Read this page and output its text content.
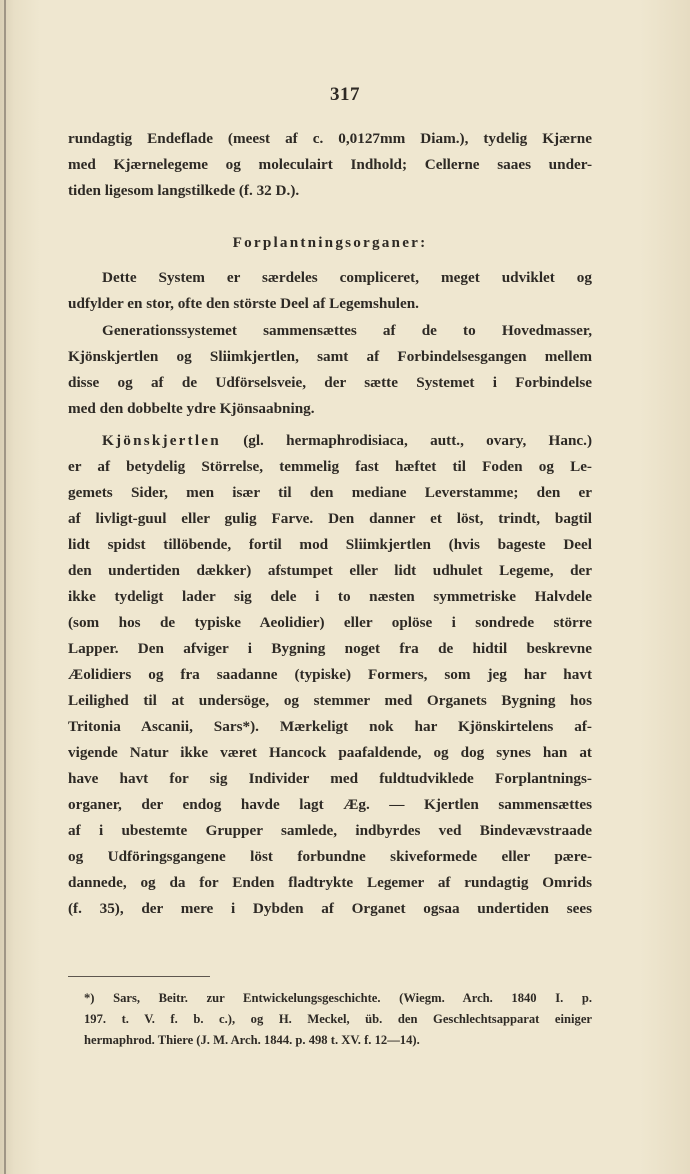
317
rundagtig Endeflade (meest af c. 0,0127mm Diam.), tydelig Kjærne
med Kjærnelegeme og moleculairt Indhold; Cellerne saaes under-
tiden ligesom langstilkede (f. 32 D.).
Forplantningsorganer:
Dette System er særdeles compliceret, meget udviklet og
udfylder en stor, ofte den störste Deel af Legemshulen.
Generationssystemet sammensættes af de to Hovedmasser,
Kjönskjertlen og Sliimkjertlen, samt af Forbindelsesgangen mellem
disse og af de Udförselsveie, der sætte Systemet i Forbindelse
med den dobbelte ydre Kjönsaabning.
Kjönskjertlen (gl. hermaphrodisiaca, autt., ovary, Hanc.)
er af betydelig Störrelse, temmelig fast hæftet til Foden og Le-
gemets Sider, men især til den mediane Leverstamme; den er
af livligt-guul eller gulig Farve. Den danner et löst, trindt, bagtil
lidt spidst tillöbende, fortil mod Sliimkjertlen (hvis bageste Deel
den undertiden dækker) afstumpet eller lidt udhulet Legeme, der
ikke tydeligt lader sig dele i to næsten symmetriske Halvdele
(som hos de typiske Aeolidier) eller oplöse i sondrede större
Lapper. Den afviger i Bygning noget fra de hidtil beskrevne
Æolidiers og fra saadanne (typiske) Formers, som jeg har havt
Leilighed til at undersöge, og stemmer med Organets Bygning hos
Tritonia Ascanii, Sars*). Mærkeligt nok har Kjönskirtelens af-
vigende Natur ikke været Hancock paafaldende, og dog synes han at
have havt for sig Individer med fuldtudviklede Forplantnings-
organer, der endog havde lagt Æg. — Kjertlen sammensættes
af i ubestemte Grupper samlede, indbyrdes ved Bindevævstraade
og Udföringsgangene löst forbundne skiveformede eller pære-
dannede, og da for Enden fladtrykte Legemer af rundagtig Omrids
(f. 35), der mere i Dybden af Organet ogsaa undertiden sees
*) Sars, Beitr. zur Entwickelungsgeschichte. (Wiegm. Arch. 1840 I. p.
197. t. V. f. b. c.), og H. Meckel, üb. den Geschlechtsapparat einiger
hermaphrod. Thiere (J. M. Arch. 1844. p. 498 t. XV. f. 12—14).
